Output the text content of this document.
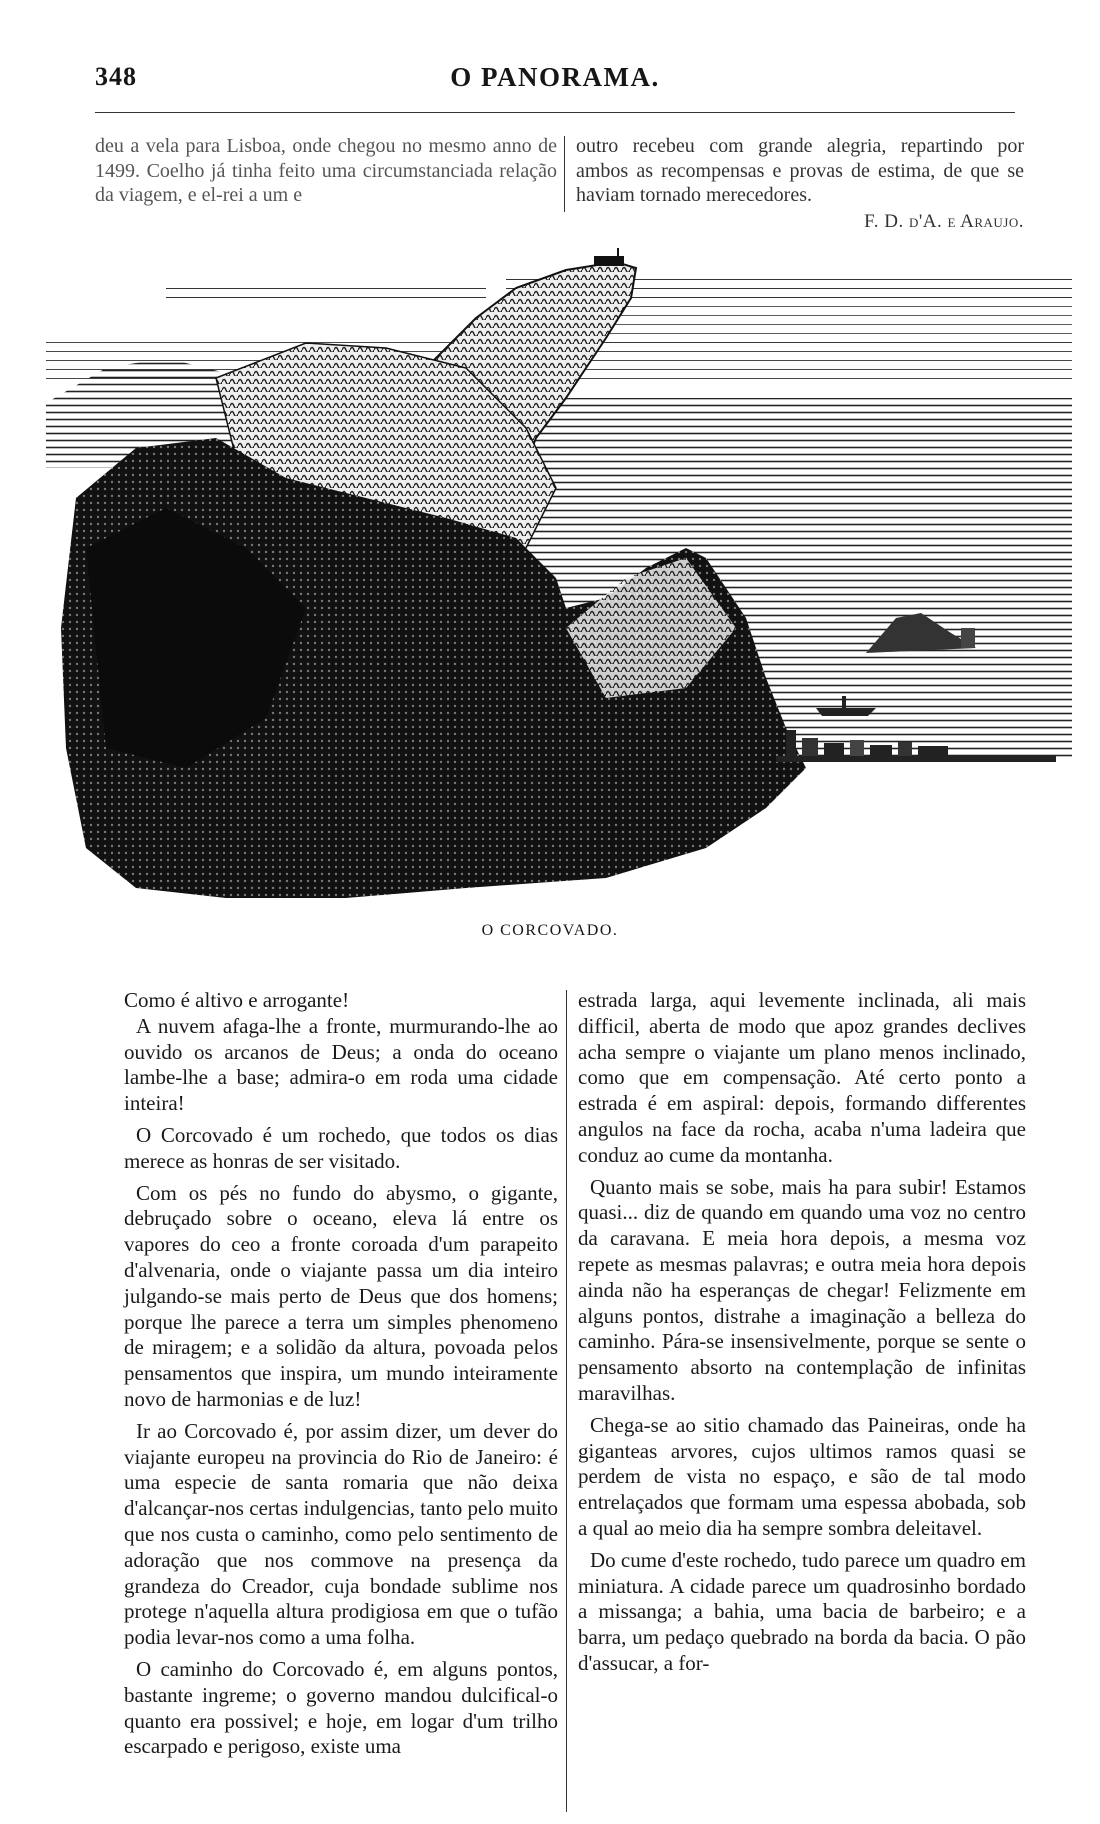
348	O PANORAMA.

deu a vela para Lisboa, onde chegou no mesmo anno de 1499. Coelho já tinha feito uma circumstanciada relação da viagem, e el-rei a um e

outro recebeu com grande alegria, repartindo por ambos as recompensas e provas de estima, de que se haviam tornado merecedores.

F. D. d'A. e Araujo.
O CORCOVADO.

Como é altivo e arrogante!

A nuvem afaga-lhe a fronte, murmurando-lhe ao ouvido os arcanos de Deus; a onda do oceano lambe-lhe a base; admira-o em roda uma cidade inteira!

O Corcovado é um rochedo, que todos os dias merece as honras de ser visitado.

Com os pés no fundo do abysmo, o gigante, debruçado sobre o oceano, eleva lá entre os vapores do ceo a fronte coroada d'um parapeito d'alvenaria, onde o viajante passa um dia inteiro julgando-se mais perto de Deus que dos homens; porque lhe parece a terra um simples phenomeno de miragem; e a solidão da altura, povoada pelos pensamentos que inspira, um mundo inteiramente novo de harmonias e de luz!

Ir ao Corcovado é, por assim dizer, um dever do viajante europeu na provincia do Rio de Janeiro: é uma especie de santa romaria que não deixa d'alcançar-nos certas indulgencias, tanto pelo muito que nos custa o caminho, como pelo sentimento de adoração que nos commove na presença da grandeza do Creador, cuja bondade sublime nos protege n'aquella altura prodigiosa em que o tufão podia levar-nos como a uma folha.

O caminho do Corcovado é, em alguns pontos, bastante ingreme; o governo mandou dulcifical-o quanto era possivel; e hoje, em logar d'um trilho escarpado e perigoso, existe uma

estrada larga, aqui levemente inclinada, ali mais difficil, aberta de modo que apoz grandes declives acha sempre o viajante um plano menos inclinado, como que em compensação. Até certo ponto a estrada é em aspiral: depois, formando differentes angulos na face da rocha, acaba n'uma ladeira que conduz ao cume da montanha.

Quanto mais se sobe, mais ha para subir! Estamos quasi... diz de quando em quando uma voz no centro da caravana. E meia hora depois, a mesma voz repete as mesmas palavras; e outra meia hora depois ainda não ha esperanças de chegar! Felizmente em alguns pontos, distrahe a imaginação a belleza do caminho. Pára-se insensivelmente, porque se sente o pensamento absorto na contemplação de infinitas maravilhas.

Chega-se ao sitio chamado das Paineiras, onde ha giganteas arvores, cujos ultimos ramos quasi se perdem de vista no espaço, e são de tal modo entrelaçados que formam uma espessa abobada, sob a qual ao meio dia ha sempre sombra deleitavel.

Do cume d'este rochedo, tudo parece um quadro em miniatura. A cidade parece um quadrosinho bordado a missanga; a bahia, uma bacia de barbeiro; e a barra, um pedaço quebrado na borda da bacia. O pão d'assucar, a for-
